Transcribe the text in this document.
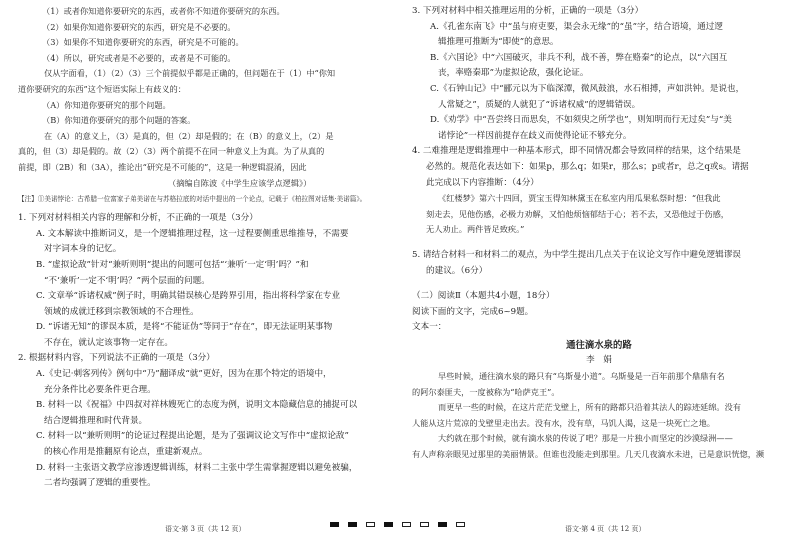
（1）或者你知道你要研究的东西，或者你不知道你要研究的东西。
（2）如果你知道你要研究的东西，研究是不必要的。
（3）如果你不知道你要研究的东西，研究是不可能的。
（4）所以，研究或者是不必要的，或者是不可能的。
仅从字面看，（1）（2）（3）三个前提似乎都是正确的，但问题在于（1）中“你知
道你要研究的东西”这个短语实际上有歧义的：
（A）你知道你要研究的那个问题。
（B）你知道你要研究的那个问题的答案。
在（A）的意义上，（3）是真的，但（2）却是假的；在（B）的意义上，（2）是
真的，但（3）却是假的。故（2）（3）两个前提不在同一种意义上为真。为了从真的
前提，即（2B）和（3A），推论出“研究是不可能的”，这是一种逻辑混淆，因此
（摘编自陈波《中学生应该学点逻辑》）
【注】①美诺悖论：古希腊一位富家子弟美诺在与苏格拉底的对话中提出的一个论点，记载于《柏拉图对话集·美诺篇》。
1. 下列对材料相关内容的理解和分析，不正确的一项是（3分）
A. 文本解读中推断词义，是一个逻辑推理过程，这一过程要侧重思维推导，不需要
对字词本身的记忆。
B. “虚拟论敌”针对“兼听则明”提出的问题可包括“‘兼听’一定‘明’吗？”和
“不‘兼听’一定不‘明’吗？”两个层面的问题。
C. 文章举“诉诸权威”例子时，明确其错误核心是跨界引用，指出将科学家在专业
领域的成就迁移到宗教领域的不合理性。
D. “诉诸无知”的谬误本质，是将“不能证伪”等同于“存在”，即无法证明某事物
不存在，就认定该事物一定存在。
2. 根据材料内容，下列说法不正确的一项是（3分）
A.《史记·刺客列传》例句中“乃”翻译成“就”更好，因为在那个特定的语境中，
充分条件比必要条件更合理。
B. 材料一以《祝福》中四叔对祥林嫂死亡的态度为例，说明文本隐藏信息的捕捉可以
结合逻辑推理和时代背景。
C. 材料一以“兼听则明”的论证过程提出论题，是为了强调议论文写作中“虚拟论敌”
的核心作用是推翻原有论点，重建新观点。
D. 材料一主张语文教学应渗透逻辑训练，材料二主张中学生需掌握逻辑以避免被骗，
二者均强调了逻辑的重要性。
3. 下列对材料中相关推理运用的分析，正确的一项是（3分）
A.《孔雀东南飞》中“虽与府吏要，渠会永无缘”的“虽”字，结合语境，通过逻
辑推理可推断为“即使”的意思。
B.《六国论》中“六国破灭，非兵不利，战不善，弊在赂秦”的论点，以“六国互
丧，率赂秦耶”为虚拟论敌，强化论证。
C.《石钟山记》中“郦元以为下临深潭，微风鼓浪，水石相搏，声如洪钟。是说也，
人常疑之”，质疑的人就犯了“诉诸权威”的逻辑错误。
D.《劝学》中“吾尝终日而思矣，不如须臾之所学也”，则知明而行无过矣”与“美
诺悖论”一样因前提存在歧义而使得论证不够充分。
4. 二难推理是逻辑推理中一种基本形式，即不同情况都会导致同样的结果，这个结果是
必然的。规范化表达如下：如果p，那么q；如果r，那么s；p或者r，总之q或s。请据
此完成以下内容推断：（4分）
《红楼梦》第六十四回，贾宝玉得知林黛玉在私室内用瓜果私祭时想：“但我此
刻走去，见他伤感，必极力劝解，又怕他烦恼郁结于心；若不去，又恐他过于伤感，
无人劝止。两件皆足致疾。”
5. 请结合材料一和材料二的观点，为中学生提出几点关于在议论文写作中避免逻辑谬误
的建议。（6分）
（二）阅读Ⅱ（本题共4小题，18分）
阅读下面的文字，完成6~9题。
文本一：
通往滴水泉的路
李　娟
早些时候，通往滴水泉的路只有“乌斯曼小道”。乌斯曼是一百年前那个鼎鼎有名
的阿尔泰匪夫，一度被称为“哈萨克王”。
而更早一些的时候，在这片茫茫戈壁上，所有的路都只沿着其法人的踪迹延绵。没有
人能从这片荒凉的戈壁里走出去。没有水，没有草，马饥人渴，这是一块死亡之地。
大约就在那个时候，就有滴水泉的传说了吧？那是一片独小而坚定的沙漠绿洲——
有人声称亲眼见过那里的美丽情景。但谁也没能走到那里。几天几夜滴水未进，已是意识恍惚，濒
语文·第 3 页（共 12 页）	语文·第 4 页（共 12 页）
